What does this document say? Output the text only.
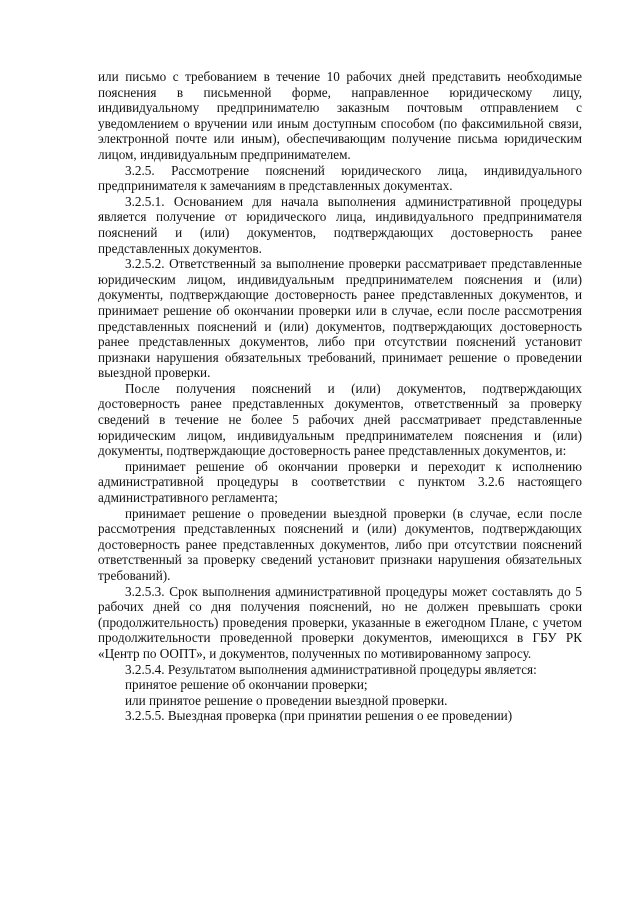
или письмо с требованием в течение 10 рабочих дней представить необходимые пояснения в письменной форме, направленное юридическому лицу, индивидуальному предпринимателю заказным почтовым отправлением с уведомлением о вручении или иным доступным способом (по факсимильной связи, электронной почте или иным), обеспечивающим получение письма юридическим лицом, индивидуальным предпринимателем.

3.2.5. Рассмотрение пояснений юридического лица, индивидуального предпринимателя к замечаниям в представленных документах.

3.2.5.1. Основанием для начала выполнения административной процедуры является получение от юридического лица, индивидуального предпринимателя пояснений и (или) документов, подтверждающих достоверность ранее представленных документов.

3.2.5.2. Ответственный за выполнение проверки рассматривает представленные юридическим лицом, индивидуальным предпринимателем пояснения и (или) документы, подтверждающие достоверность ранее представленных документов, и принимает решение об окончании проверки или в случае, если после рассмотрения представленных пояснений и (или) документов, подтверждающих достоверность ранее представленных документов, либо при отсутствии пояснений установит признаки нарушения обязательных требований, принимает решение о проведении выездной проверки.

После получения пояснений и (или) документов, подтверждающих достоверность ранее представленных документов, ответственный за проверку сведений в течение не более 5 рабочих дней рассматривает представленные юридическим лицом, индивидуальным предпринимателем пояснения и (или) документы, подтверждающие достоверность ранее представленных документов, и:

принимает решение об окончании проверки и переходит к исполнению административной процедуры в соответствии с пунктом 3.2.6 настоящего административного регламента;

принимает решение о проведении выездной проверки (в случае, если после рассмотрения представленных пояснений и (или) документов, подтверждающих достоверность ранее представленных документов, либо при отсутствии пояснений ответственный за проверку сведений установит признаки нарушения обязательных требований).

3.2.5.3. Срок выполнения административной процедуры может составлять до 5 рабочих дней со дня получения пояснений, но не должен превышать сроки (продолжительность) проведения проверки, указанные в ежегодном Плане, с учетом продолжительности проведенной проверки документов, имеющихся в ГБУ РК «Центр по ООПТ», и документов, полученных по мотивированному запросу.

3.2.5.4. Результатом выполнения административной процедуры является:

принятое решение об окончании проверки;

или принятое решение о проведении выездной проверки.

3.2.5.5. Выездная проверка (при принятии решения о ее проведении)
